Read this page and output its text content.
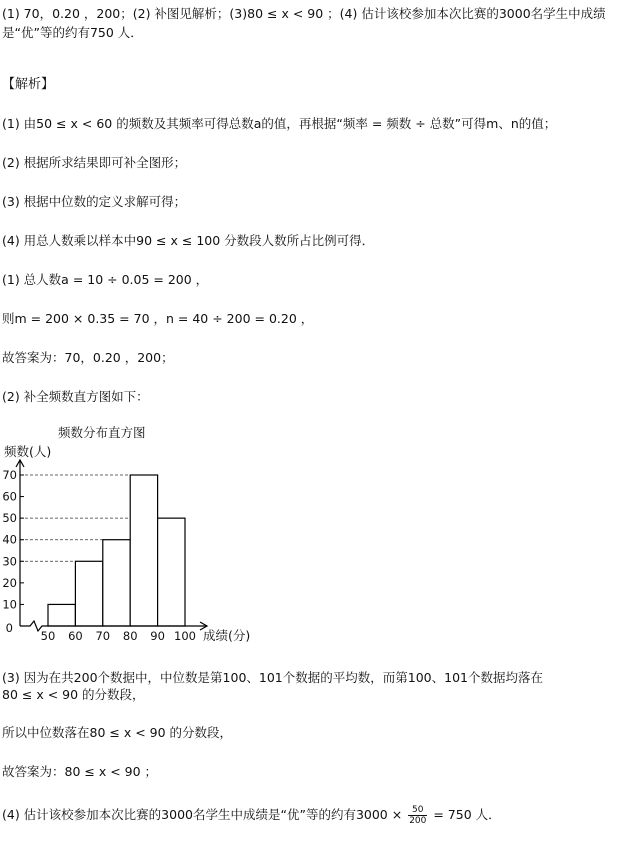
(1) 70，0.20 ，200；(2) 补图见解析；(3)80 ≤ x < 90 ；(4) 估计该校参加本次比赛的3000名学生中成绩
是“优”等的约有750 人．
【解析】
(1) 由50 ≤ x < 60 的频数及其频率可得总数a的值，再根据“频率 = 频数 ÷ 总数”可得m、n的值；
(2) 根据所求结果即可补全图形；
(3) 根据中位数的定义求解可得；
(4) 用总人数乘以样本中90 ≤ x ≤ 100 分数段人数所占比例可得．
(1) 总人数a = 10 ÷ 0.05 = 200 ，
则m = 200 × 0.35 = 70 ，n = 40 ÷ 200 = 0.20 ，
故答案为：70，0.20 ，200；
(2) 补全频数直方图如下：
频数分布直方图
频数(人)
成绩(分)
0
10
20
30
40
50
60
70
50 60 70 80 90 100
(3) 因为在共200个数据中，中位数是第100、101个数据的平均数，而第100、101个数据均落在
80 ≤ x < 90 的分数段，
所以中位数落在80 ≤ x < 90 的分数段，
故答案为：80 ≤ x < 90 ；
(4) 估计该校参加本次比赛的3000名学生中成绩是“优”等的约有$3000 \times \frac{50}{200} = 750$ 人．
